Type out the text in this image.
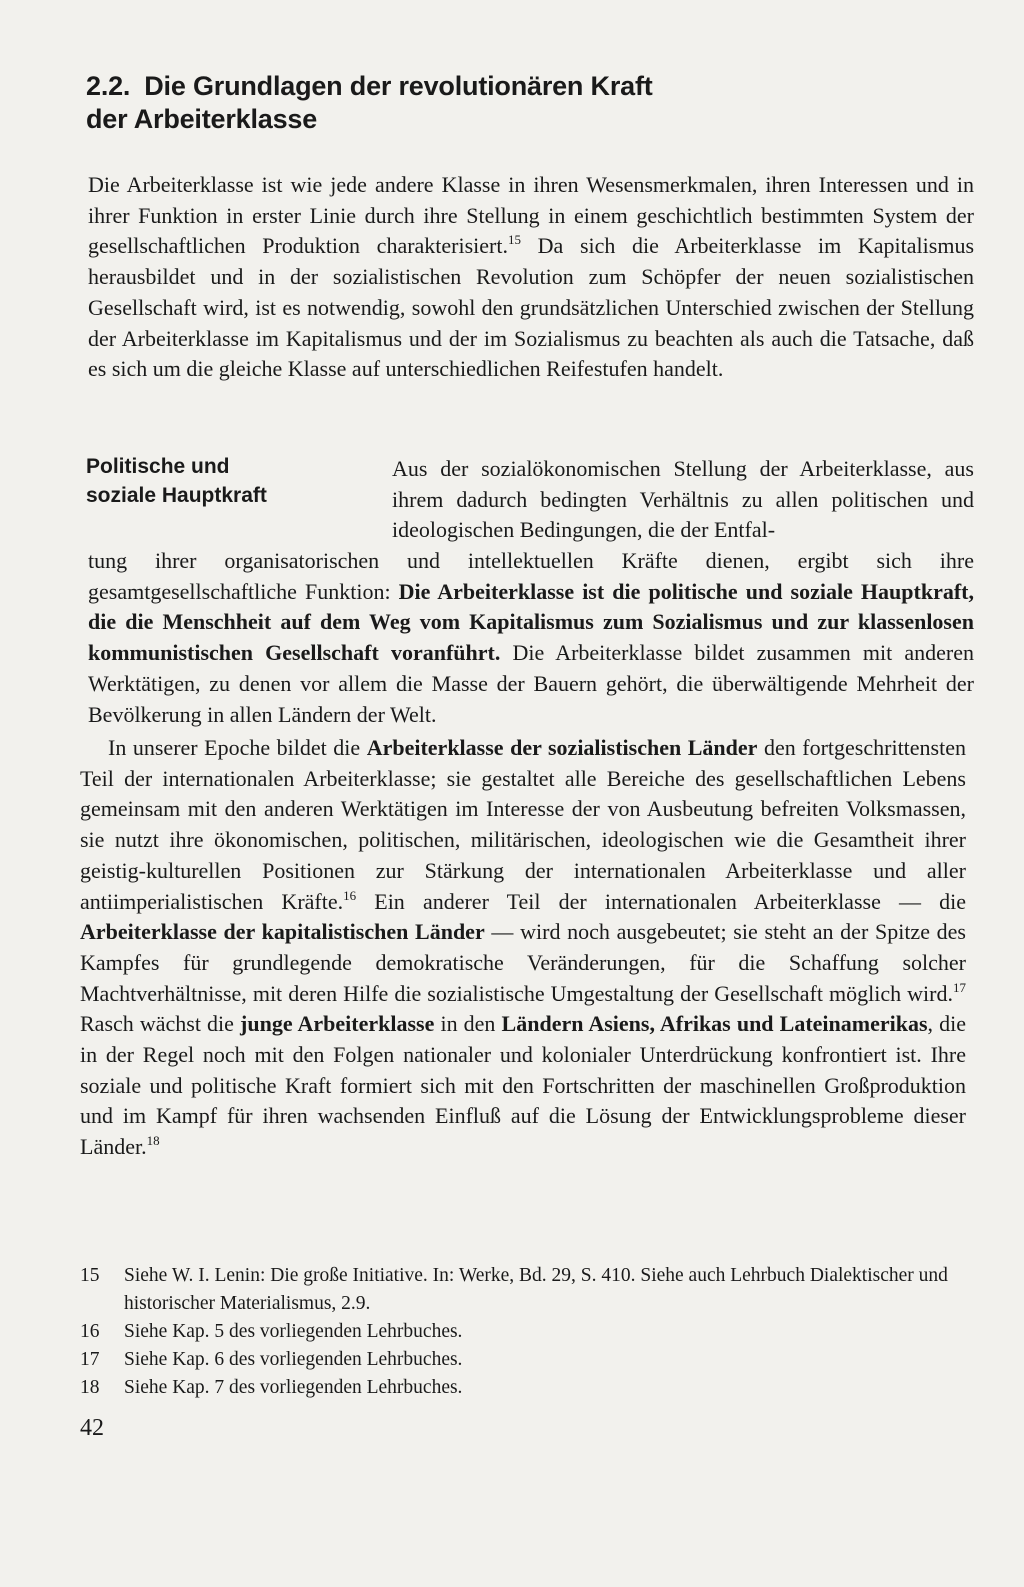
2.2. Die Grundlagen der revolutionären Kraft
der Arbeiterklasse

Die Arbeiterklasse ist wie jede andere Klasse in ihren Wesensmerkmalen, ihren Interessen und in ihrer Funktion in erster Linie durch ihre Stellung in einem geschichtlich bestimmten System der gesellschaftlichen Produktion charakterisiert.$^{15}$ Da sich die Arbeiterklasse im Kapitalismus herausbildet und in der sozialistischen Revolution zum Schöpfer der neuen sozialistischen Gesellschaft wird, ist es notwendig, sowohl den grundsätzlichen Unterschied zwischen der Stellung der Arbeiterklasse im Kapitalismus und der im Sozialismus zu beachten als auch die Tatsache, daß es sich um die gleiche Klasse auf unterschiedlichen Reifestufen handelt.

Politische und
soziale Hauptkraft

Aus der sozialökonomischen Stellung der Arbeiterklasse, aus ihrem dadurch bedingten Verhältnis zu allen politischen und ideologischen Bedingungen, die der Entfal-

tung ihrer organisatorischen und intellektuellen Kräfte dienen, ergibt sich ihre gesamtgesellschaftliche Funktion: Die Arbeiterklasse ist die politische und soziale Hauptkraft, die die Menschheit auf dem Weg vom Kapitalismus zum Sozialismus und zur klassenlosen kommunistischen Gesellschaft voranführt. Die Arbeiterklasse bildet zusammen mit anderen Werktätigen, zu denen vor allem die Masse der Bauern gehört, die überwältigende Mehrheit der Bevölkerung in allen Ländern der Welt.

In unserer Epoche bildet die Arbeiterklasse der sozialistischen Länder den fortgeschrittensten Teil der internationalen Arbeiterklasse; sie gestaltet alle Bereiche des gesellschaftlichen Lebens gemeinsam mit den anderen Werktätigen im Interesse der von Ausbeutung befreiten Volksmassen, sie nutzt ihre ökonomischen, politischen, militärischen, ideologischen wie die Gesamtheit ihrer geistig-kulturellen Positionen zur Stärkung der internationalen Arbeiterklasse und aller antiimperialistischen Kräfte.$^{16}$ Ein anderer Teil der internationalen Arbeiterklasse — die Arbeiterklasse der kapitalistischen Länder — wird noch ausgebeutet; sie steht an der Spitze des Kampfes für grundlegende demokratische Veränderungen, für die Schaffung solcher Machtverhältnisse, mit deren Hilfe die sozialistische Umgestaltung der Gesellschaft möglich wird.$^{17}$ Rasch wächst die junge Arbeiterklasse in den Ländern Asiens, Afrikas und Lateinamerikas, die in der Regel noch mit den Folgen nationaler und kolonialer Unterdrückung konfrontiert ist. Ihre soziale und politische Kraft formiert sich mit den Fortschritten der maschinellen Großproduktion und im Kampf für ihren wachsenden Einfluß auf die Lösung der Entwicklungsprobleme dieser Länder.$^{18}$

15	Siehe W. I. Lenin: Die große Initiative. In: Werke, Bd. 29, S. 410. Siehe auch Lehrbuch Dialektischer und historischer Materialismus, 2.9.
16	Siehe Kap. 5 des vorliegenden Lehrbuches.
17	Siehe Kap. 6 des vorliegenden Lehrbuches.
18	Siehe Kap. 7 des vorliegenden Lehrbuches.
42
